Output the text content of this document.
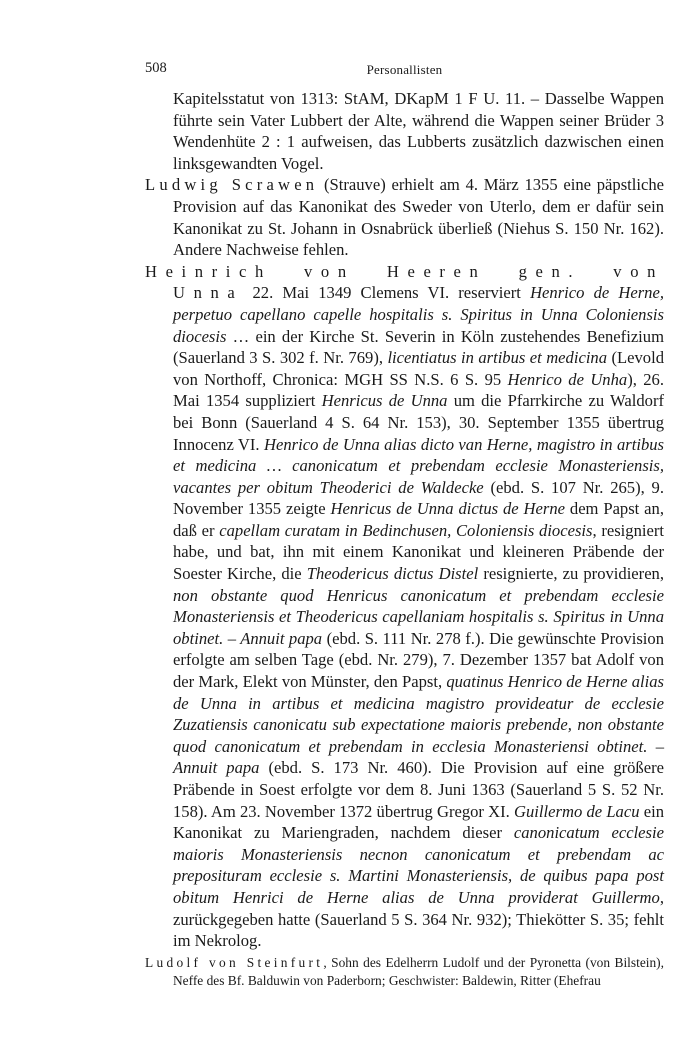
508	Personallisten

Kapitelsstatut von 1313: StAM, DKapM 1 F U. 11. – Dasselbe Wappen führte sein Vater Lubbert der Alte, während die Wappen seiner Brüder 3 Wendenhüte 2 : 1 aufweisen, das Lubberts zusätzlich dazwischen einen linksgewandten Vogel.

Ludwig Scrawen (Strauve) erhielt am 4. März 1355 eine päpstliche Provision auf das Kanonikat des Sweder von Uterlo, dem er dafür sein Kanonikat zu St. Johann in Osnabrück überließ (Niehus S. 150 Nr. 162). Andere Nachweise fehlen.

Heinrich von Heeren gen. von Unna 22. Mai 1349 Clemens VI. reserviert Henrico de Herne, perpetuo capellano capelle hospitalis s. Spiritus in Unna Coloniensis diocesis … ein der Kirche St. Severin in Köln zustehendes Benefizium (Sauerland 3 S. 302 f. Nr. 769), licentiatus in artibus et medicina (Levold von Northoff, Chronica: MGH SS N.S. 6 S. 95 Henrico de Unha), 26. Mai 1354 suppliziert Henricus de Unna um die Pfarrkirche zu Waldorf bei Bonn (Sauerland 4 S. 64 Nr. 153), 30. September 1355 übertrug Innocenz VI. Henrico de Unna alias dicto van Herne, magistro in artibus et medicina … canonicatum et prebendam ecclesie Monasteriensis, vacantes per obitum Theoderici de Waldecke (ebd. S. 107 Nr. 265), 9. November 1355 zeigte Henricus de Unna dictus de Herne dem Papst an, daß er capellam curatam in Bedinchusen, Coloniensis diocesis, resigniert habe, und bat, ihn mit einem Kanonikat und kleineren Präbende der Soester Kirche, die Theodericus dictus Distel resignierte, zu providieren, non obstante quod Henricus canonicatum et prebendam ecclesie Monasteriensis et Theodericus capellaniam hospitalis s. Spiritus in Unna obtinet. – Annuit papa (ebd. S. 111 Nr. 278 f.). Die gewünschte Provision erfolgte am selben Tage (ebd. Nr. 279), 7. Dezember 1357 bat Adolf von der Mark, Elekt von Münster, den Papst, quatinus Henrico de Herne alias de Unna in artibus et medicina magistro provideatur de ecclesie Zuzatiensis canonicatu sub expectatione maioris prebende, non obstante quod canonicatum et prebendam in ecclesia Monasteriensi obtinet. – Annuit papa (ebd. S. 173 Nr. 460). Die Provision auf eine größere Präbende in Soest erfolgte vor dem 8. Juni 1363 (Sauerland 5 S. 52 Nr. 158). Am 23. November 1372 übertrug Gregor XI. Guillermo de Lacu ein Kanonikat zu Mariengraden, nachdem dieser canonicatum ecclesie maioris Monasteriensis necnon canonicatum et prebendam ac preposituram ecclesie s. Martini Monasteriensis, de quibus papa post obitum Henrici de Herne alias de Unna providerat Guillermo, zurückgegeben hatte (Sauerland 5 S. 364 Nr. 932); Thiekötter S. 35; fehlt im Nekrolog.

Ludolf von Steinfurt, Sohn des Edelherrn Ludolf und der Pyronetta (von Bilstein), Neffe des Bf. Balduwin von Paderborn; Geschwister: Baldewin, Ritter (Ehefrau
